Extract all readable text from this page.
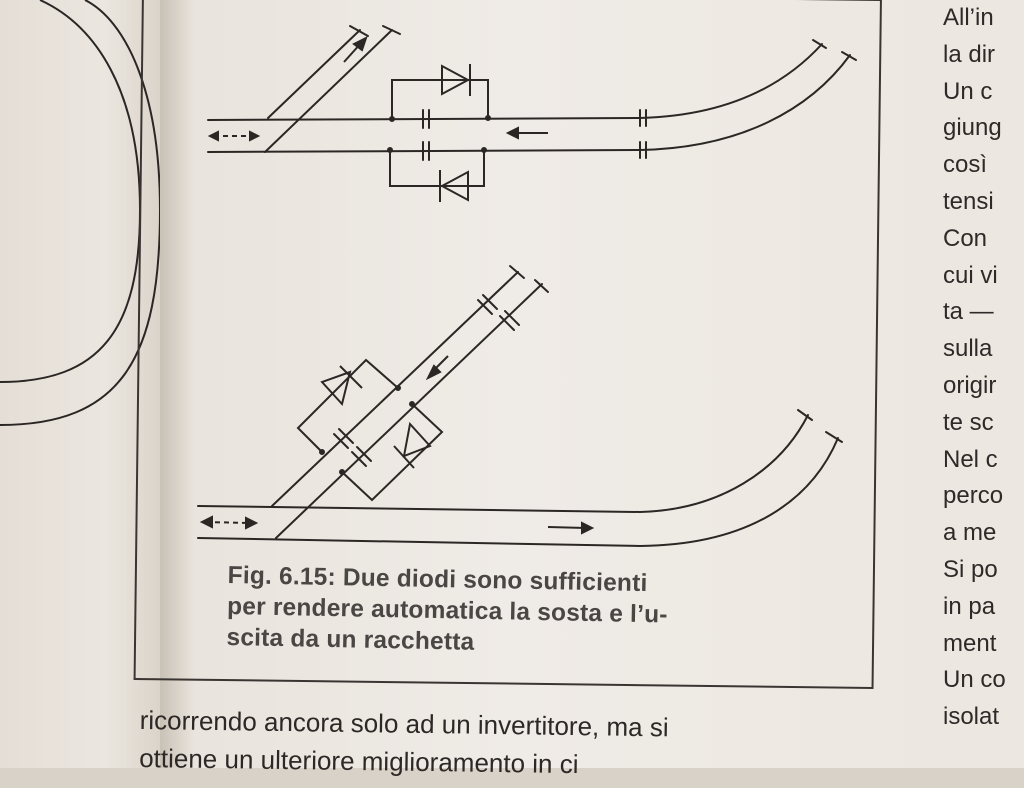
Fig. 6.15: Due diodi sono sufficienti
per rendere automatica la sosta e l’u-
scita da un racchetta
All’in
la dir
Un c
giung
così
tensi
Con
cui vi
ta —
sulla
origir
te sc
Nel c
perco
a me
Si po
in pa
ment
Un co
isolat
ricorrendo ancora solo ad un invertitore, ma si
ottiene un ulteriore miglioramento in ci
